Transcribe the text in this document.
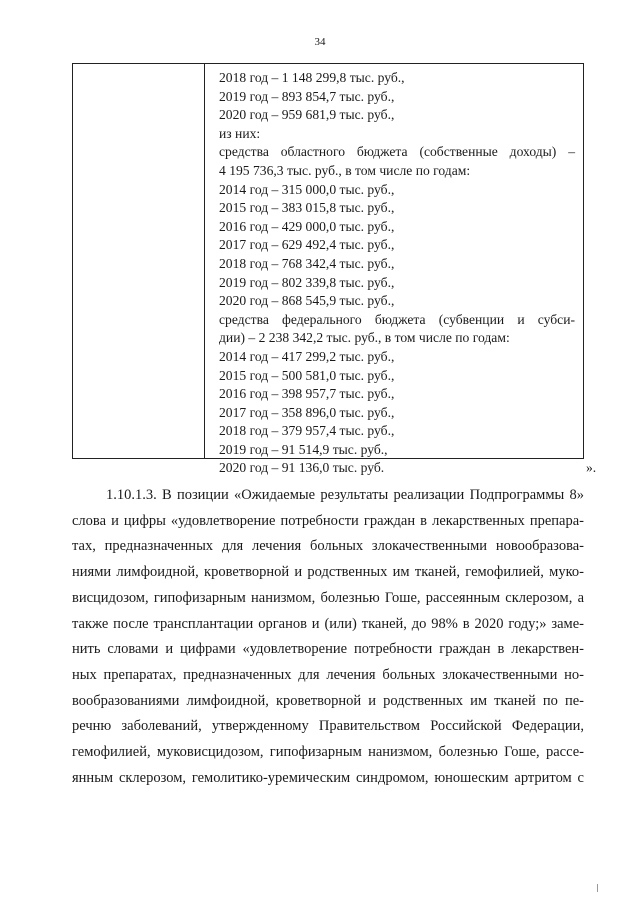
34
2018 год – 1 148 299,8 тыс. руб.,
2019 год – 893 854,7 тыс. руб.,
2020 год – 959 681,9 тыс. руб.,
из них:
средства областного бюджета (собственные доходы) –
4 195 736,3 тыс. руб., в том числе по годам:
2014 год – 315 000,0 тыс. руб.,
2015 год – 383 015,8 тыс. руб.,
2016 год – 429 000,0 тыс. руб.,
2017 год – 629 492,4 тыс. руб.,
2018 год – 768 342,4 тыс. руб.,
2019 год – 802 339,8 тыс. руб.,
2020 год – 868 545,9 тыс. руб.,
средства федерального бюджета (субвенции и субси-
дии) – 2 238 342,2 тыс. руб., в том числе по годам:
2014 год – 417 299,2 тыс. руб.,
2015 год – 500 581,0 тыс. руб.,
2016 год – 398 957,7 тыс. руб.,
2017 год – 358 896,0 тыс. руб.,
2018 год – 379 957,4 тыс. руб.,
2019 год – 91 514,9 тыс. руб.,
2020 год – 91 136,0 тыс. руб.	».
1.10.1.3. В позиции «Ожидаемые результаты реализации Подпрограммы 8»
слова и цифры «удовлетворение потребности граждан в лекарственных препара-
тах, предназначенных для лечения больных злокачественными новообразова-
ниями лимфоидной, кроветворной и родственных им тканей, гемофилией, муко-
висцидозом, гипофизарным нанизмом, болезнью Гоше, рассеянным склерозом, а
также после трансплантации органов и (или) тканей, до 98% в 2020 году;» заме-
нить словами и цифрами «удовлетворение потребности граждан в лекарствен-
ных препаратах, предназначенных для лечения больных злокачественными но-
вообразованиями лимфоидной, кроветворной и родственных им тканей по пе-
речню заболеваний, утвержденному Правительством Российской Федерации,
гемофилией, муковисцидозом, гипофизарным нанизмом, болезнью Гоше, рассе-
янным склерозом, гемолитико-уремическим синдромом, юношеским артритом с
